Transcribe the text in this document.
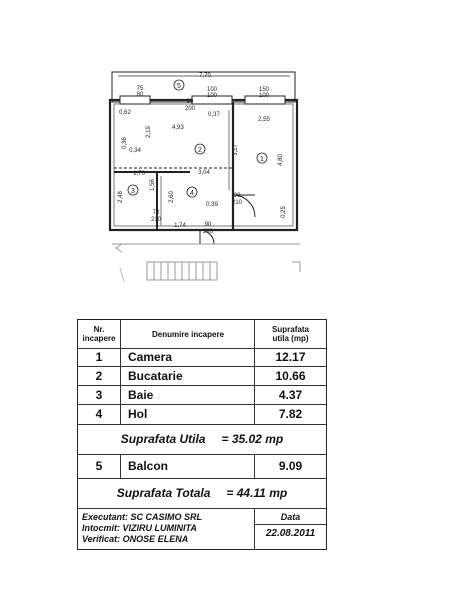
1
2
3	4
5
7,70
75
80
90
200
100
100
150
100
0,37
0,62
4,93
2,55
2,19
3,17
4,80
0,36
0,34
3,04
1,76
2,48
1,56
2,60	90
210
0,39
0,25
70
210
1,74	90
210
Nr.
incapere	Denumire incapere	Suprafata
utila (mp)
1	Camera	12.17
2	Bucatarie	10.66
3	Baie	4.37
4	Hol	7.82
Suprafata Utila = 35.02 mp
5	Balcon	9.09
Suprafata Totala = 44.11 mp
Executant: SC CASIMO SRL
Intocmit: VIZIRU LUMINITA
Verificat: ONOSE ELENA
Data
22.08.2011
